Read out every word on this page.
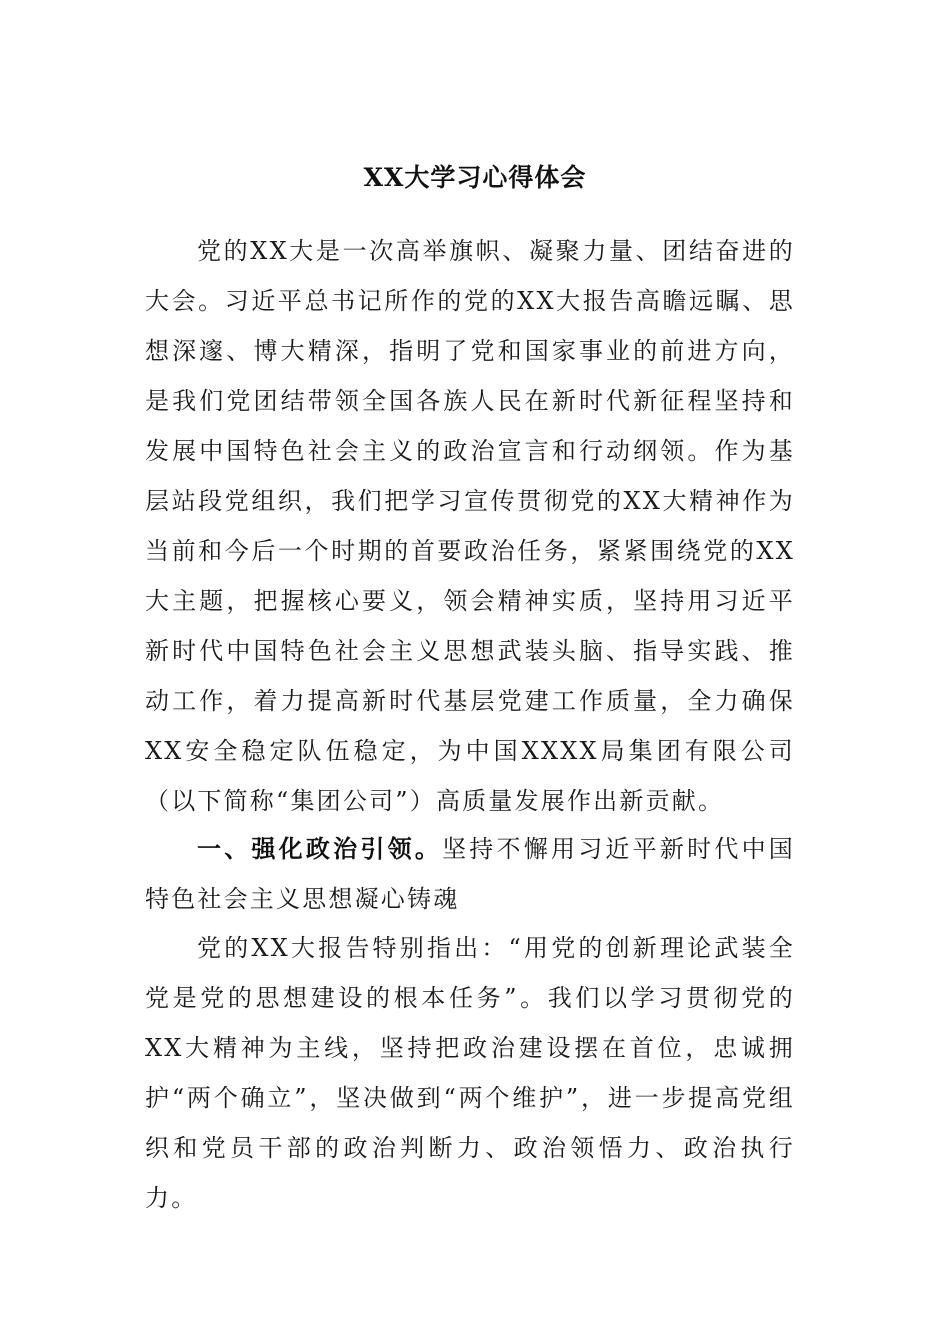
XX大学习心得体会

党的XX大是一次高举旗帜、凝聚力量、团结奋进的大会。习近平总书记所作的党的XX大报告高瞻远瞩、思想深邃、博大精深，指明了党和国家事业的前进方向，是我们党团结带领全国各族人民在新时代新征程坚持和发展中国特色社会主义的政治宣言和行动纲领。作为基层站段党组织，我们把学习宣传贯彻党的XX大精神作为当前和今后一个时期的首要政治任务，紧紧围绕党的XX大主题，把握核心要义，领会精神实质，坚持用习近平新时代中国特色社会主义思想武装头脑、指导实践、推动工作，着力提高新时代基层党建工作质量，全力确保XX安全稳定队伍稳定，为中国XXXX局集团有限公司（以下简称“集团公司”）高质量发展作出新贡献。

一、强化政治引领。坚持不懈用习近平新时代中国特色社会主义思想凝心铸魂

党的XX大报告特别指出：“用党的创新理论武装全党是党的思想建设的根本任务”。我们以学习贯彻党的XX大精神为主线，坚持把政治建设摆在首位，忠诚拥护“两个确立”，坚决做到“两个维护”，进一步提高党组织和党员干部的政治判断力、政治领悟力、政治执行力。
